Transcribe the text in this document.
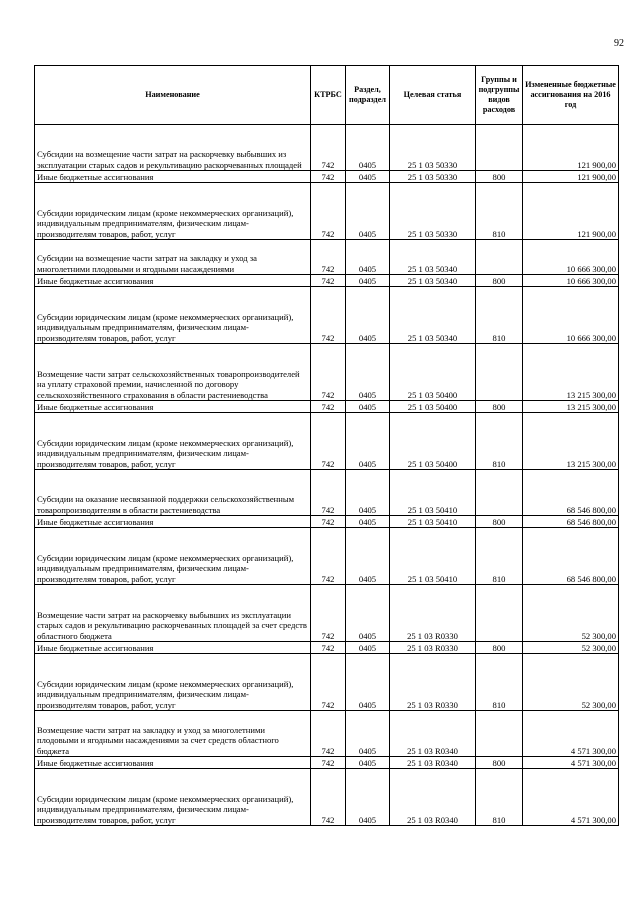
92
Наименование	КТРБС	Раздел, подраздел	Целевая статья	Группы и подгруппы видов расходов	Измененные бюджетные ассигнования на 2016 год
Субсидии на возмещение части затрат на раскорчевку выбывших из эксплуатации старых садов и рекультивацию раскорчеванных площадей	742	0405	25 1 03 50330		121 900,00
Иные бюджетные ассигнования	742	0405	25 1 03 50330	800	121 900,00
Субсидии юридическим лицам (кроме некоммерческих организаций), индивидуальным предпринимателям, физическим лицам-производителям товаров, работ, услуг	742	0405	25 1 03 50330	810	121 900,00
Субсидии на возмещение части затрат на закладку и уход за многолетними плодовыми и ягодными насаждениями	742	0405	25 1 03 50340		10 666 300,00
Иные бюджетные ассигнования	742	0405	25 1 03 50340	800	10 666 300,00
Субсидии юридическим лицам (кроме некоммерческих организаций), индивидуальным предпринимателям, физическим лицам-производителям товаров, работ, услуг	742	0405	25 1 03 50340	810	10 666 300,00
Возмещение части затрат сельскохозяйственных товаропроизводителей на уплату страховой премии, начисленной по договору сельскохозяйственного страхования в области растениеводства	742	0405	25 1 03 50400		13 215 300,00
Иные бюджетные ассигнования	742	0405	25 1 03 50400	800	13 215 300,00
Субсидии юридическим лицам (кроме некоммерческих организаций), индивидуальным предпринимателям, физическим лицам-производителям товаров, работ, услуг	742	0405	25 1 03 50400	810	13 215 300,00
Субсидии на оказание несвязанной поддержки сельскохозяйственным товаропроизводителям в области растениеводства	742	0405	25 1 03 50410		68 546 800,00
Иные бюджетные ассигнования	742	0405	25 1 03 50410	800	68 546 800,00
Субсидии юридическим лицам (кроме некоммерческих организаций), индивидуальным предпринимателям, физическим лицам-производителям товаров, работ, услуг	742	0405	25 1 03 50410	810	68 546 800,00
Возмещение части затрат на раскорчевку выбывших из эксплуатации старых садов и рекультивацию раскорчеванных площадей за счет средств областного бюджета	742	0405	25 1 03 R0330		52 300,00
Иные бюджетные ассигнования	742	0405	25 1 03 R0330	800	52 300,00
Субсидии юридическим лицам (кроме некоммерческих организаций), индивидуальным предпринимателям, физическим лицам-производителям товаров, работ, услуг	742	0405	25 1 03 R0330	810	52 300,00
Возмещение части затрат на закладку и уход за многолетними плодовыми и ягодными насаждениями за счет средств областного бюджета	742	0405	25 1 03 R0340		4 571 300,00
Иные бюджетные ассигнования	742	0405	25 1 03 R0340	800	4 571 300,00
Субсидии юридическим лицам (кроме некоммерческих организаций), индивидуальным предпринимателям, физическим лицам-производителям товаров, работ, услуг	742	0405	25 1 03 R0340	810	4 571 300,00
